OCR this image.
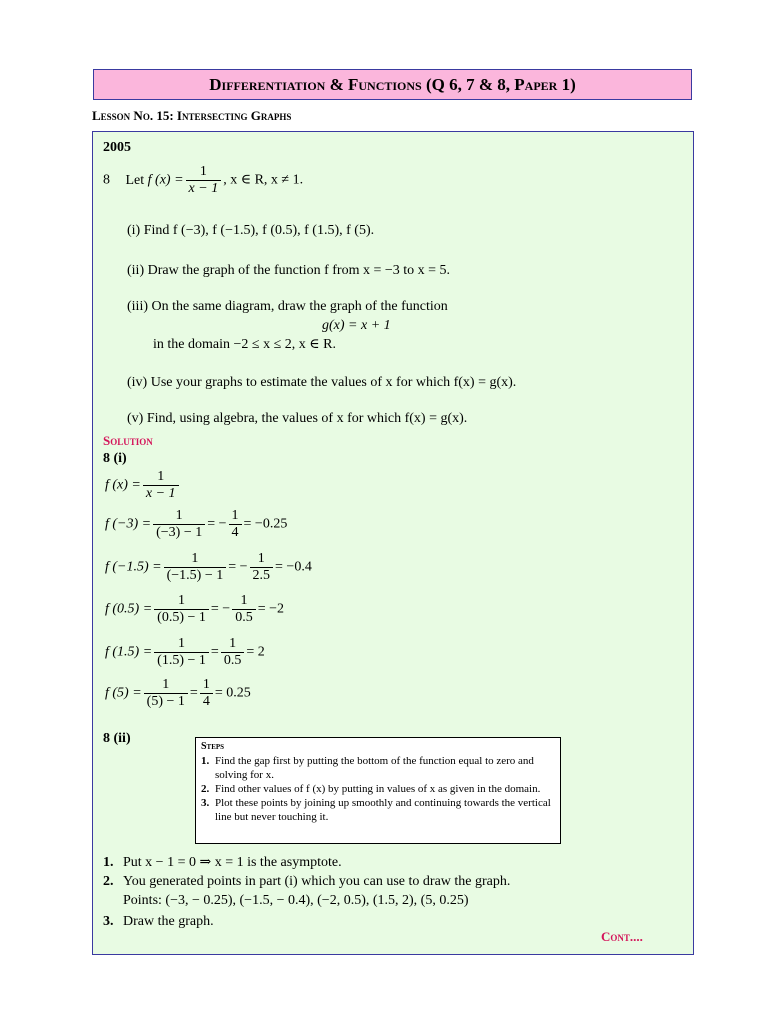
Differentiation & Functions (Q 6, 7 & 8, Paper 1)
Lesson No. 15: Intersecting Graphs
2005
8 Let f $(x) = \frac{1}{x - 1}$ , x ∈ R, x ≠ 1.
(i) Find f (−3), f (−1.5), f (0.5), f (1.5), f (5).
(ii) Draw the graph of the function f from x = −3 to x = 5.
(iii) On the same diagram, draw the graph of the function
g(x) = x + 1
in the domain −2 ≤ x ≤ 2, x ∈ R.
(iv) Use your graphs to estimate the values of x for which f(x) = g(x).
(v) Find, using algebra, the values of x for which f(x) = g(x).
Solution
8 (i)
f $(x) = \frac{1}{x - 1}$
f $(-3) = \frac{1}{(-3) - 1}$ = − $\frac{1}{4} = -0.25$
f $(-1.5) = \frac{1}{(-1.5) - 1}$ = − $\frac{1}{2.5} = -0.4$
f $(0.5) = \frac{1}{(0.5) - 1}$ = − $\frac{1}{0.5} = -2$
f $(1.5) = \frac{1}{(1.5) - 1} = \frac{1}{0.5} = 2$
f $(5) = \frac{1}{(5) - 1} = \frac{1}{4} = 0.25$
8 (ii)
Steps
1. Find the gap first by putting the bottom of the function equal to zero and solving for x.
2. Find other values of f (x) by putting in values of x as given in the domain.
3. Plot these points by joining up smoothly and continuing towards the vertical line but never touching it.
1. Put x − 1 = 0 ⇒ x = 1 is the asymptote.
2. You generated points in part (i) which you can use to draw the graph.
Points: (−3, − 0.25), (−1.5, − 0.4), (−2, 0.5), (1.5, 2), (5, 0.25)
3. Draw the graph.
Cont....
